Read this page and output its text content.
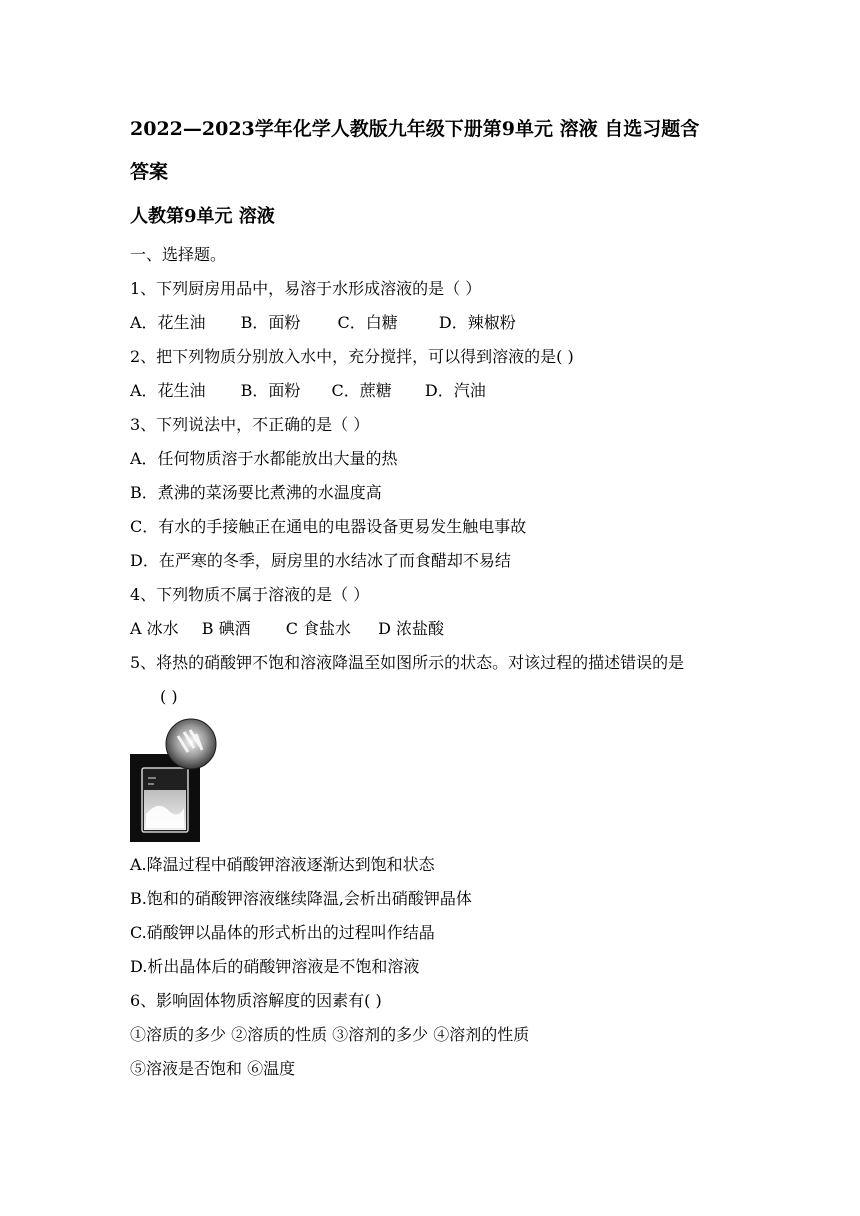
2022—2023学年化学人教版九年级下册第9单元 溶液 自选习题含
答案
人教第9单元 溶液
一、选择题。
1、下列厨房用品中，易溶于水形成溶液的是（ ）
A．花生油 B．面粉 C．白糖	D．辣椒粉
2、把下列物质分别放入水中，充分搅拌，可以得到溶液的是( )
A．花生油 B．面粉 C．蔗糖 D．汽油
3、下列说法中，不正确的是（ ）
A．任何物质溶于水都能放出大量的热
B．煮沸的菜汤要比煮沸的水温度高
C．有水的手接触正在通电的电器设备更易发生触电事故
D．在严寒的冬季，厨房里的水结冰了而食醋却不易结
4、下列物质不属于溶液的是（ ）
A 冰水 B 碘酒 C 食盐水 D 浓盐酸
5、将热的硝酸钾不饱和溶液降温至如图所示的状态。对该过程的描述错误的是
( )
A.降温过程中硝酸钾溶液逐渐达到饱和状态
B.饱和的硝酸钾溶液继续降温,会析出硝酸钾晶体
C.硝酸钾以晶体的形式析出的过程叫作结晶
D.析出晶体后的硝酸钾溶液是不饱和溶液
6、影响固体物质溶解度的因素有( )
①溶质的多少 ②溶质的性质 ③溶剂的多少 ④溶剂的性质
⑤溶液是否饱和 ⑥温度
